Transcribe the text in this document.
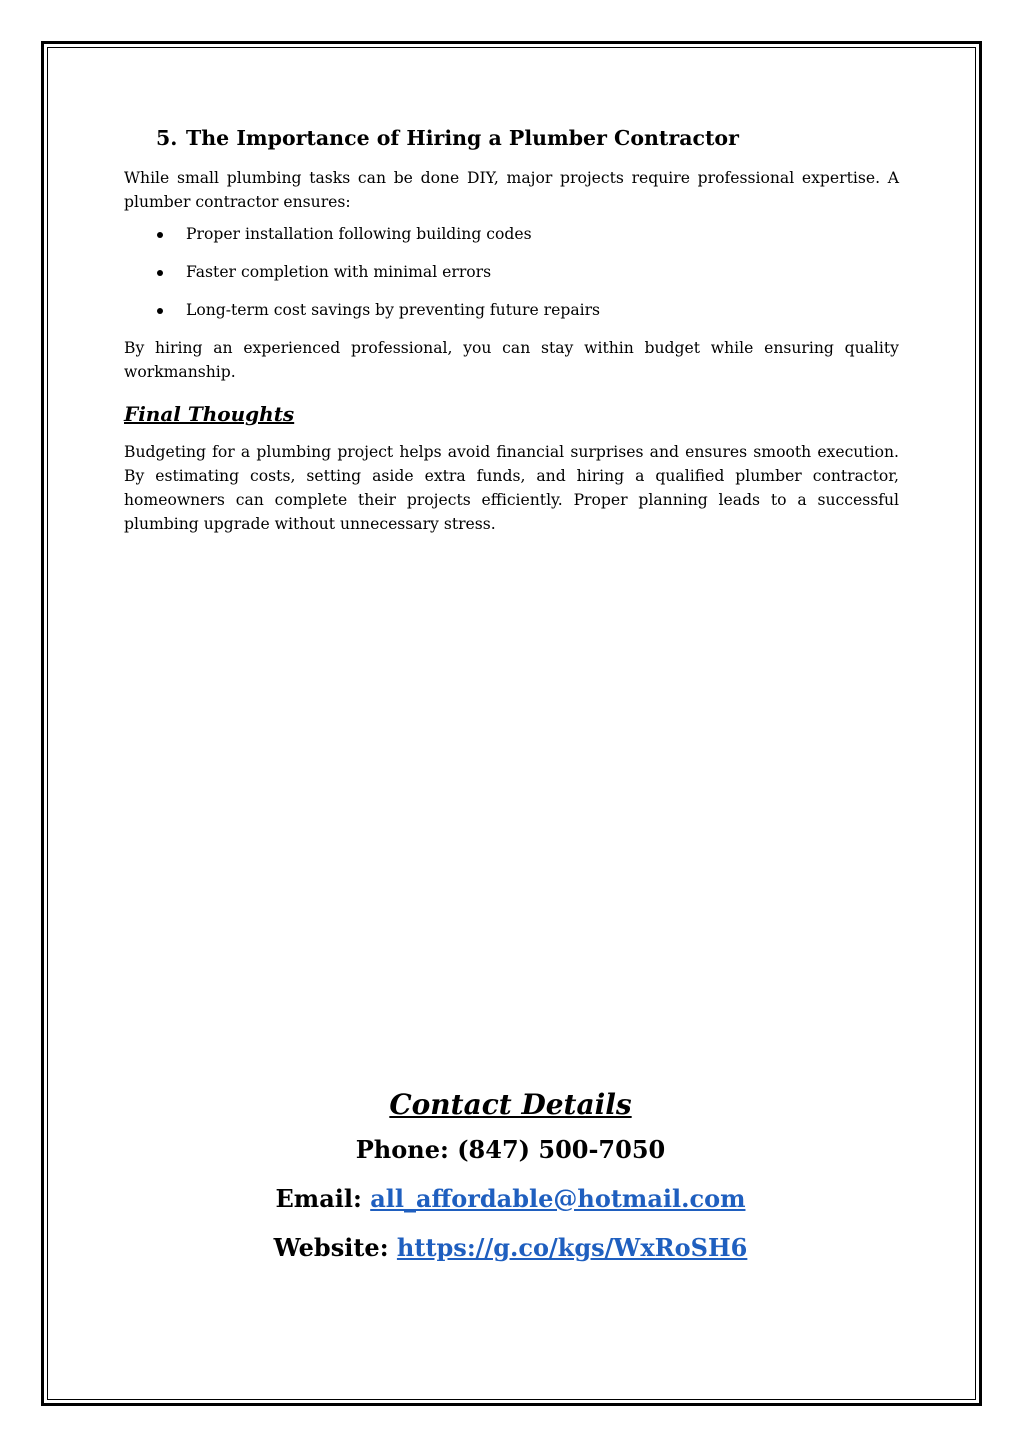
5. The Importance of Hiring a Plumber Contractor

While small plumbing tasks can be done DIY, major projects require professional expertise. A plumber contractor ensures:

Proper installation following building codes
Faster completion with minimal errors
Long-term cost savings by preventing future repairs

By hiring an experienced professional, you can stay within budget while ensuring quality workmanship.

Final Thoughts

Budgeting for a plumbing project helps avoid financial surprises and ensures smooth execution. By estimating costs, setting aside extra funds, and hiring a qualified plumber contractor, homeowners can complete their projects efficiently. Proper planning leads to a successful plumbing upgrade without unnecessary stress.

Contact Details
Phone: (847) 500-7050
Email: all_affordable@hotmail.com
Website: https://g.co/kgs/WxRoSH6
